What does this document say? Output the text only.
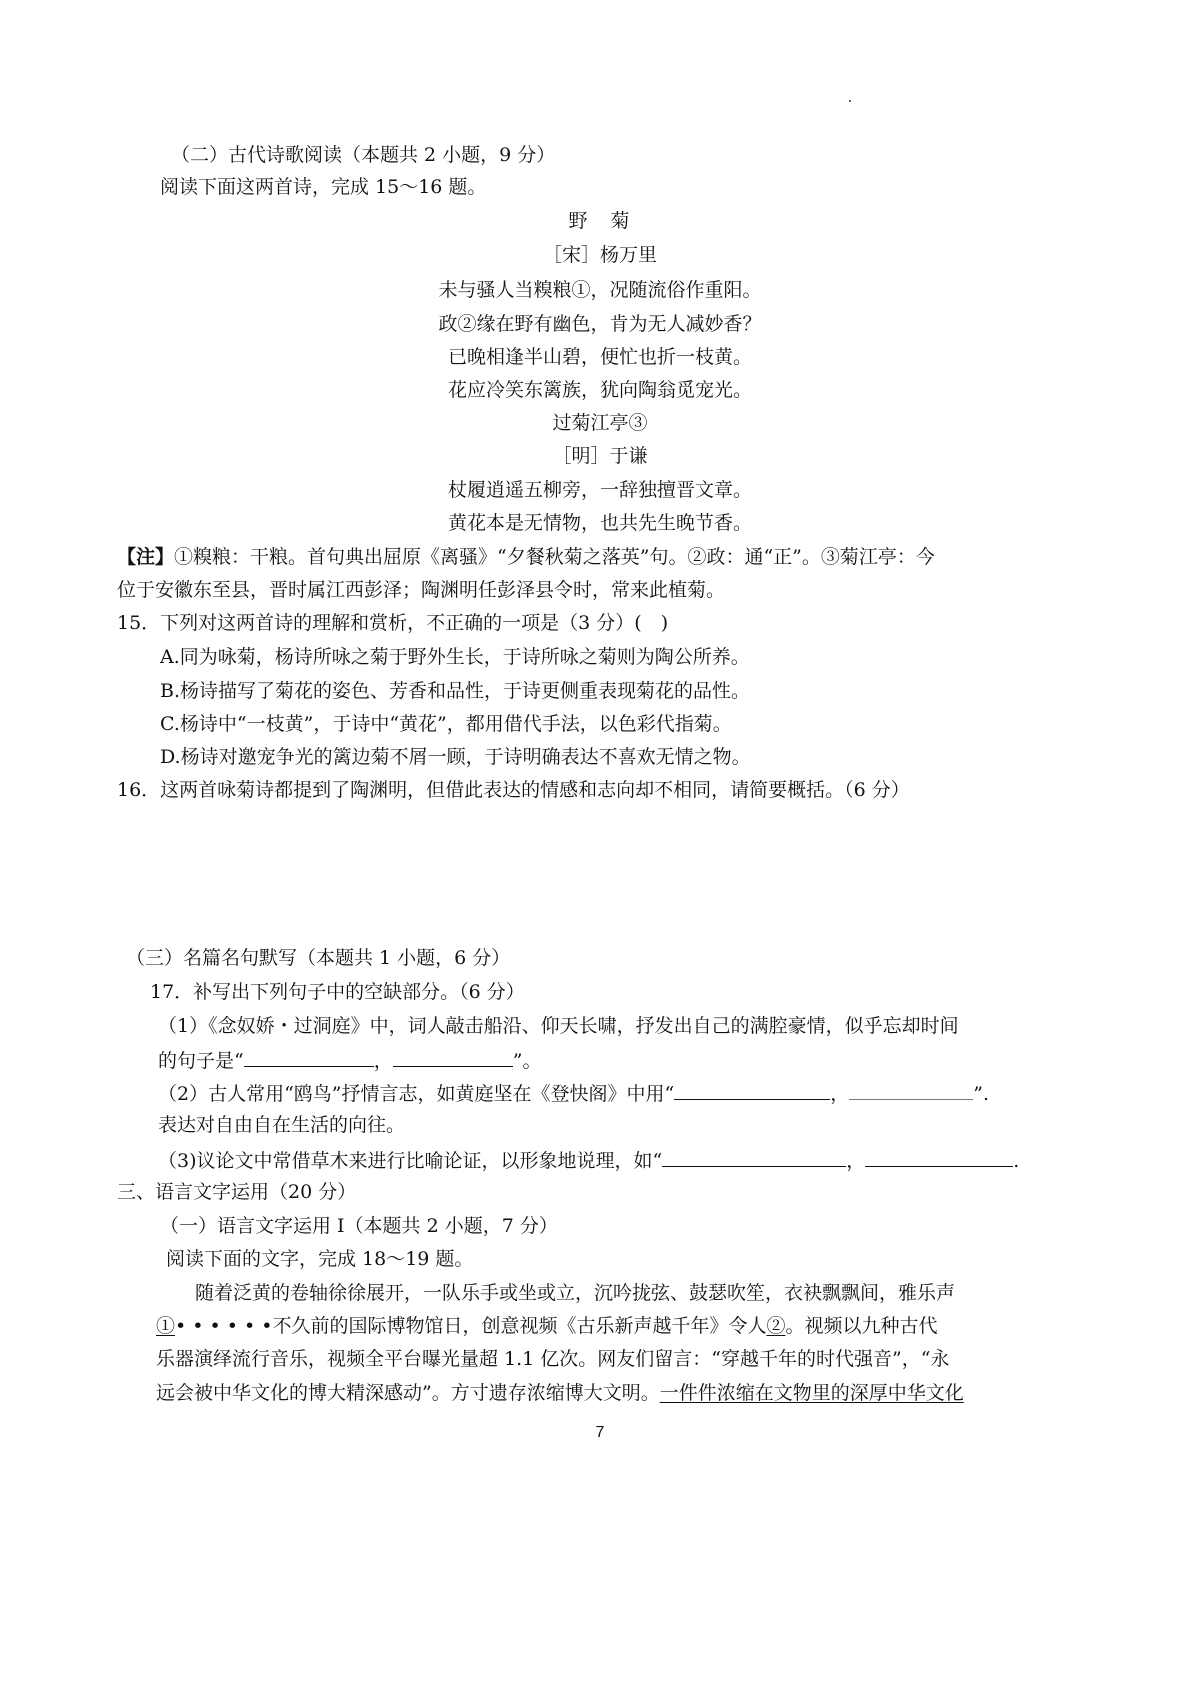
（二）古代诗歌阅读（本题共 2 小题，9 分）
阅读下面这两首诗，完成 15～16 题。
野　菊
［宋］杨万里
未与骚人当糗粮①，况随流俗作重阳。
政②缘在野有幽色，肯为无人减妙香？
已晚相逢半山碧，便忙也折一枝黄。
花应冷笑东篱族，犹向陶翁觅宠光。
过菊江亭③
［明］于谦
杖履逍遥五柳旁，一辞独擅晋文章。
黄花本是无情物，也共先生晚节香。
【注】①糗粮：干粮。首句典出屈原《离骚》“夕餐秋菊之落英”句。②政：通“正”。③菊江亭：今
位于安徽东至县，晋时属江西彭泽；陶渊明任彭泽县令时，常来此植菊。
15．下列对这两首诗的理解和赏析，不正确的一项是（3 分）(　)
A.同为咏菊，杨诗所咏之菊于野外生长，于诗所咏之菊则为陶公所养。
B.杨诗描写了菊花的姿色、芳香和品性，于诗更侧重表现菊花的品性。
C.杨诗中“一枝黄”，于诗中“黄花”，都用借代手法，以色彩代指菊。
D.杨诗对邀宠争光的篱边菊不屑一顾，于诗明确表达不喜欢无情之物。
16．这两首咏菊诗都提到了陶渊明，但借此表达的情感和志向却不相同，请简要概括。（6 分）
（三）名篇名句默写（本题共 1 小题，6 分）
17．补写出下列句子中的空缺部分。（6 分）
（1）《念奴娇・过洞庭》中，词人敲击船沿、仰天长啸，抒发出自己的满腔豪情，似乎忘却时间
的句子是“	，	”。
（2）古人常用“鸥鸟”抒情言志，如黄庭坚在《登快阁》中用“	，	”.
表达对自由自在生活的向往。
（3)议论文中常借草木来进行比喻论证，以形象地说理，如“	，	.
三、语言文字运用（20 分）
（一）语言文字运用 I（本题共 2 小题，7 分）
阅读下面的文字，完成 18～19 题。
随着泛黄的卷轴徐徐展开，一队乐手或坐或立，沉吟拢弦、鼓瑟吹笙，衣袂飘飘间，雅乐声
①• • • • • •不久前的国际博物馆日，创意视频《古乐新声越千年》令人②。视频以九种古代
乐器演绎流行音乐，视频全平台曝光量超 1.1 亿次。网友们留言：“穿越千年的时代强音”，“永
远会被中华文化的博大精深感动”。方寸遗存浓缩博大文明。一件件浓缩在文物里的深厚中华文化
7
